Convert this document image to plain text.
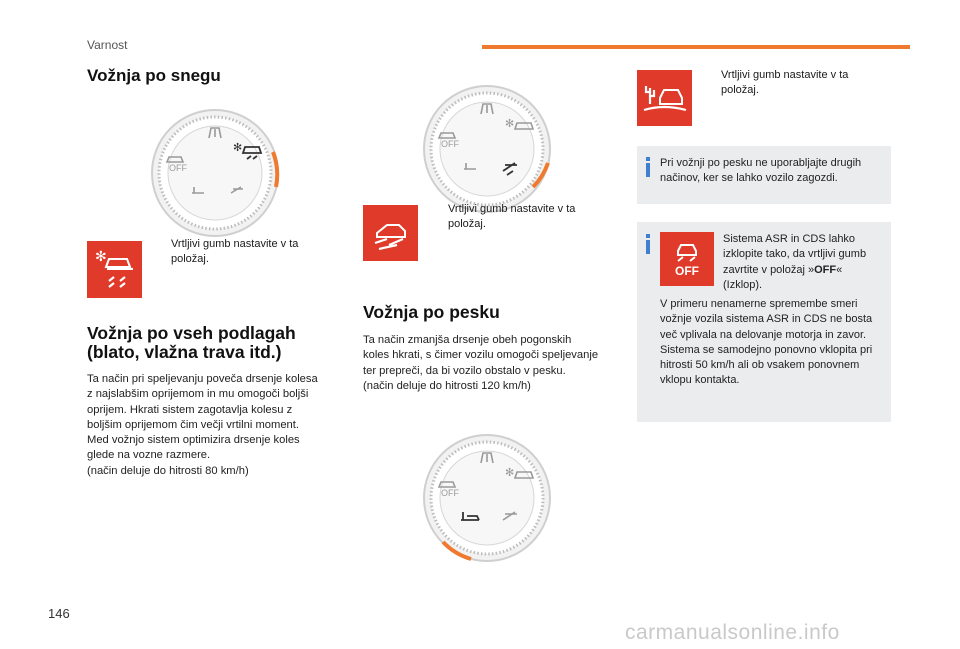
Varnost
Vožnja po snegu
✻
OFF
✻
Vrtljivi gumb nastavite v ta položaj.
Vožnja po vseh podlagah
(blato, vlažna trava itd.)
Ta način pri speljevanju poveča drsenje kolesa
z najslabšim oprijemom in mu omogoči boljši
oprijem. Hkrati sistem zagotavlja kolesu z
boljšim oprijemom čim večji vrtilni moment.
Med vožnjo sistem optimizira drsenje koles
glede na vozne razmere.
(način deluje do hitrosti 80 km/h)
✻
OFF
Vrtljivi gumb nastavite v ta položaj.
Vožnja po pesku
Ta način zmanjša drsenje obeh pogonskih
koles hkrati, s čimer vozilu omogoči speljevanje
ter prepreči, da bi vozilo obstalo v pesku.
(način deluje do hitrosti 120 km/h)
✻
OFF
Vrtljivi gumb nastavite v ta položaj.
Pri vožnji po pesku ne uporabljajte drugih načinov, ker se lahko vozilo zagozdi.
OFF
Sistema ASR in CDS lahko izklopite tako, da vrtljivi gumb zavrtite v položaj »OFF« (Izklop).
V primeru nenamerne spremembe smeri vožnje vozila sistema ASR in CDS ne bosta več vplivala na delovanje motorja in zavor. Sistema se samodejno ponovno vklopita pri hitrosti 50 km/h ali ob vsakem ponovnem vklopu kontakta.
146
carmanualsonline.info
